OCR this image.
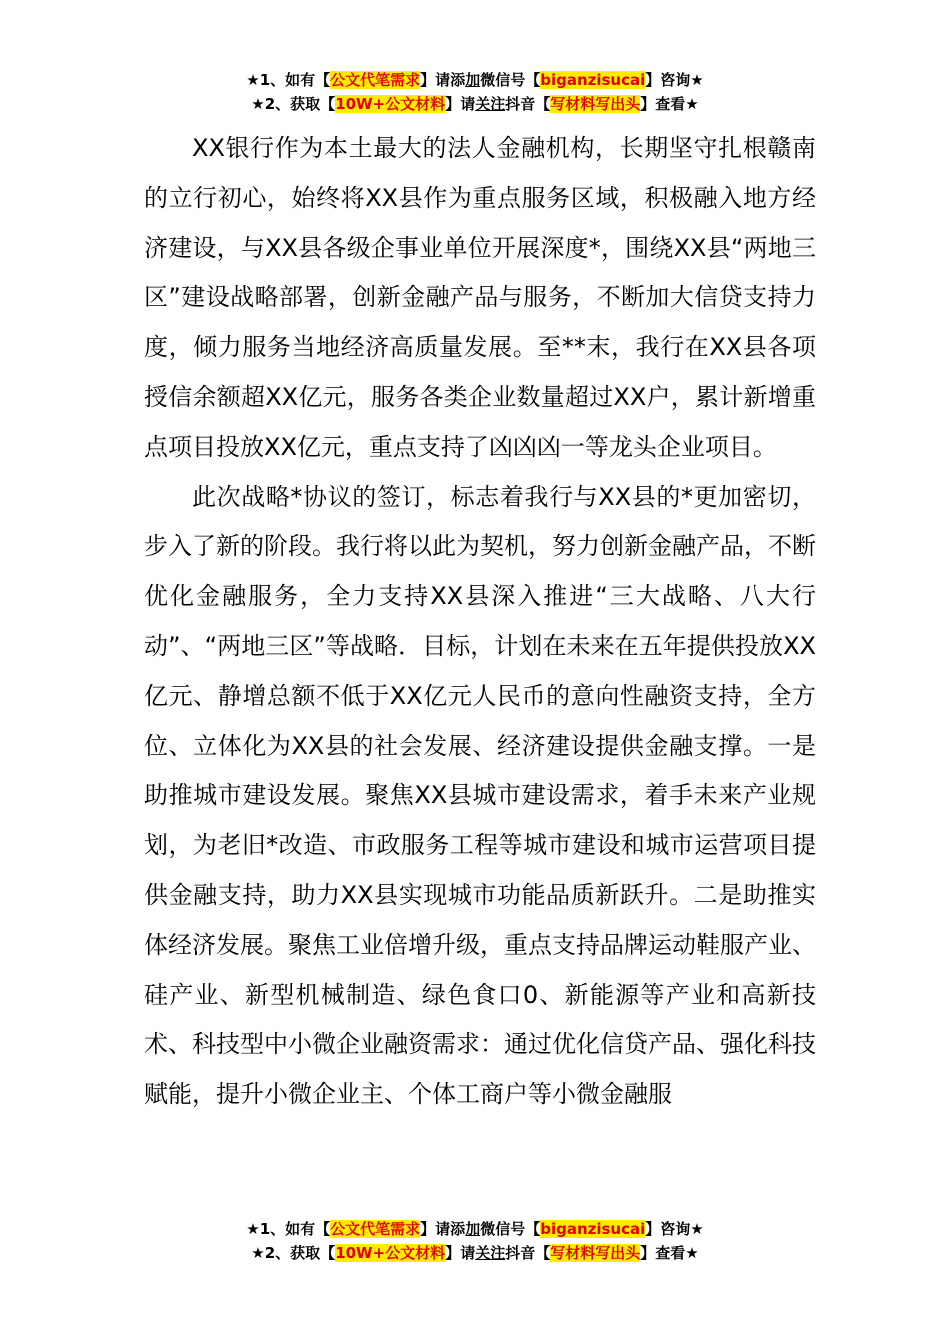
★1、如有【公文代笔需求】请添加微信号【biganzisucai】咨询★
★2、获取【10W+公文材料】请关注抖音【写材料写出头】查看★

XX银行作为本土最大的法人金融机构，长期坚守扎根赣南的立行初心，始终将XX县作为重点服务区域，积极融入地方经济建设，与XX县各级企事业单位开展深度*，围绕XX县“两地三区”建设战略部署，创新金融产品与服务，不断加大信贷支持力度，倾力服务当地经济高质量发展。至**末，我行在XX县各项授信余额超XX亿元，服务各类企业数量超过XX户，累计新增重点项目投放XX亿元，重点支持了凶凶凶一等龙头企业项目。

此次战略*协议的签订，标志着我行与XX县的*更加密切，步入了新的阶段。我行将以此为契机，努力创新金融产品，不断优化金融服务，全力支持XX县深入推进“三大战略、八大行动”、“两地三区”等战略．目标，计划在未来在五年提供投放XX亿元、静增总额不低于XX亿元人民币的意向性融资支持，全方位、立体化为XX县的社会发展、经济建设提供金融支撑。一是助推城市建设发展。聚焦XX县城市建设需求，着手未来产业规划，为老旧*改造、市政服务工程等城市建设和城市运营项目提供金融支持，助力XX县实现城市功能品质新跃升。二是助推实体经济发展。聚焦工业倍增升级，重点支持品牌运动鞋服产业、硅产业、新型机械制造、绿色食口0、新能源等产业和高新技术、科技型中小微企业融资需求：通过优化信贷产品、强化科技赋能，提升小微企业主、个体工商户等小微金融服

★1、如有【公文代笔需求】请添加微信号【biganzisucai】咨询★
★2、获取【10W+公文材料】请关注抖音【写材料写出头】查看★
